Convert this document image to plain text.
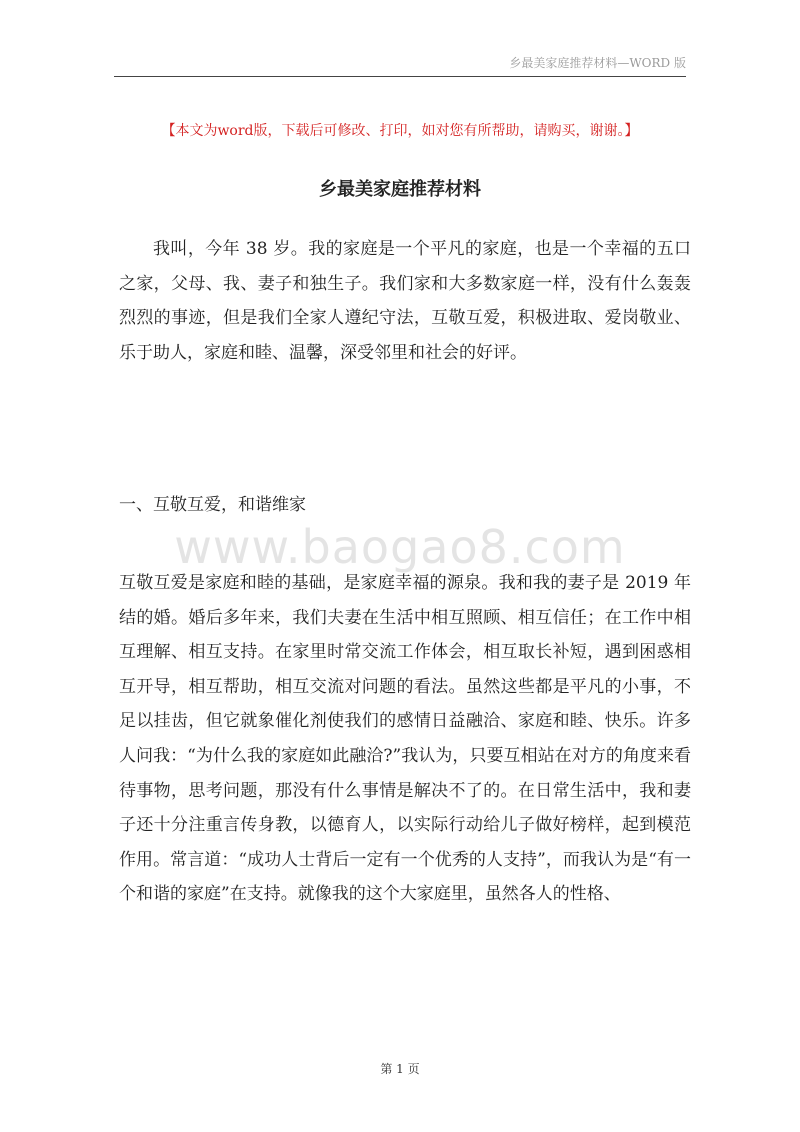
乡最美家庭推荐材料—WORD 版
【本文为word版，下载后可修改、打印，如对您有所帮助，请购买，谢谢。】
乡最美家庭推荐材料

我叫，今年 38 岁。我的家庭是一个平凡的家庭，也是一个幸福的五口之家，父母、我、妻子和独生子。我们家和大多数家庭一样，没有什么轰轰烈烈的事迹，但是我们全家人遵纪守法，互敬互爱，积极进取、爱岗敬业、乐于助人，家庭和睦、温馨，深受邻里和社会的好评。

一、互敬互爱，和谐维家
www.baogao8.com

互敬互爱是家庭和睦的基础，是家庭幸福的源泉。我和我的妻子是 2019 年结的婚。婚后多年来，我们夫妻在生活中相互照顾、相互信任；在工作中相互理解、相互支持。在家里时常交流工作体会，相互取长补短，遇到困惑相互开导，相互帮助，相互交流对问题的看法。虽然这些都是平凡的小事，不足以挂齿，但它就象催化剂使我们的感情日益融洽、家庭和睦、快乐。许多人问我：“为什么我的家庭如此融洽?”我认为，只要互相站在对方的角度来看待事物，思考问题，那没有什么事情是解决不了的。在日常生活中，我和妻子还十分注重言传身教，以德育人，以实际行动给儿子做好榜样，起到模范作用。常言道：“成功人士背后一定有一个优秀的人支持”，而我认为是“有一个和谐的家庭”在支持。就像我的这个大家庭里，虽然各人的性格、

第 1 页
